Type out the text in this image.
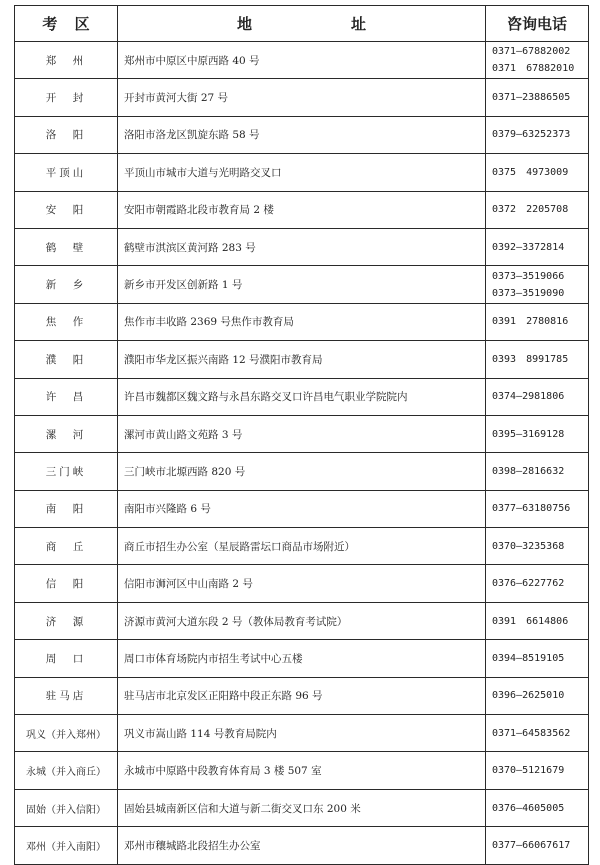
考 区	地　址	咨询电话
郑　州	郑州市中原区中原西路 40 号	0371—67882002
0371　67882010

开　封	开封市黄河大街 27 号	0371—23886505

洛　阳	洛阳市洛龙区凯旋东路 58 号	0379—63252373

平顶山	平顶山市城市大道与光明路交叉口	0375　4973009

安　阳	安阳市朝霞路北段市教育局 2 楼	0372　2205708

鹤　壁	鹤壁市淇滨区黄河路 283 号	0392—3372814

新　乡	新乡市开发区创新路 1 号	0373—3519066
0373—3519090

焦　作	焦作市丰收路 2369 号焦作市教育局	0391　2780816

濮　阳	濮阳市华龙区振兴南路 12 号濮阳市教育局	0393　8991785

许　昌	许昌市魏都区魏文路与永昌东路交叉口许昌电气职业学院院内	0374—2981806

漯　河	漯河市黄山路文苑路 3 号	0395—3169128

三门峡	三门峡市北塬西路 820 号	0398—2816632

南　阳	南阳市兴隆路 6 号	0377—63180756

商　丘	商丘市招生办公室（星辰路雷坛口商品市场附近）	0370—3235368

信　阳	信阳市浉河区中山南路 2 号	0376—6227762

济　源	济源市黄河大道东段 2 号（教体局教育考试院）	0391　6614806

周　口	周口市体育场院内市招生考试中心五楼	0394—8519105

驻马店	驻马店市北京发区正阳路中段正东路 96 号	0396—2625010

巩义（并入郑州）	巩义市嵩山路 114 号教育局院内	0371—64583562

永城（并入商丘）	永城市中原路中段教育体育局 3 楼 507 室	0370—5121679

固始（并入信阳）	固始县城南新区信和大道与新二街交叉口东 200 米	0376—4605005

邓州（并入南阳）	邓州市穰城路北段招生办公室	0377—66067617
